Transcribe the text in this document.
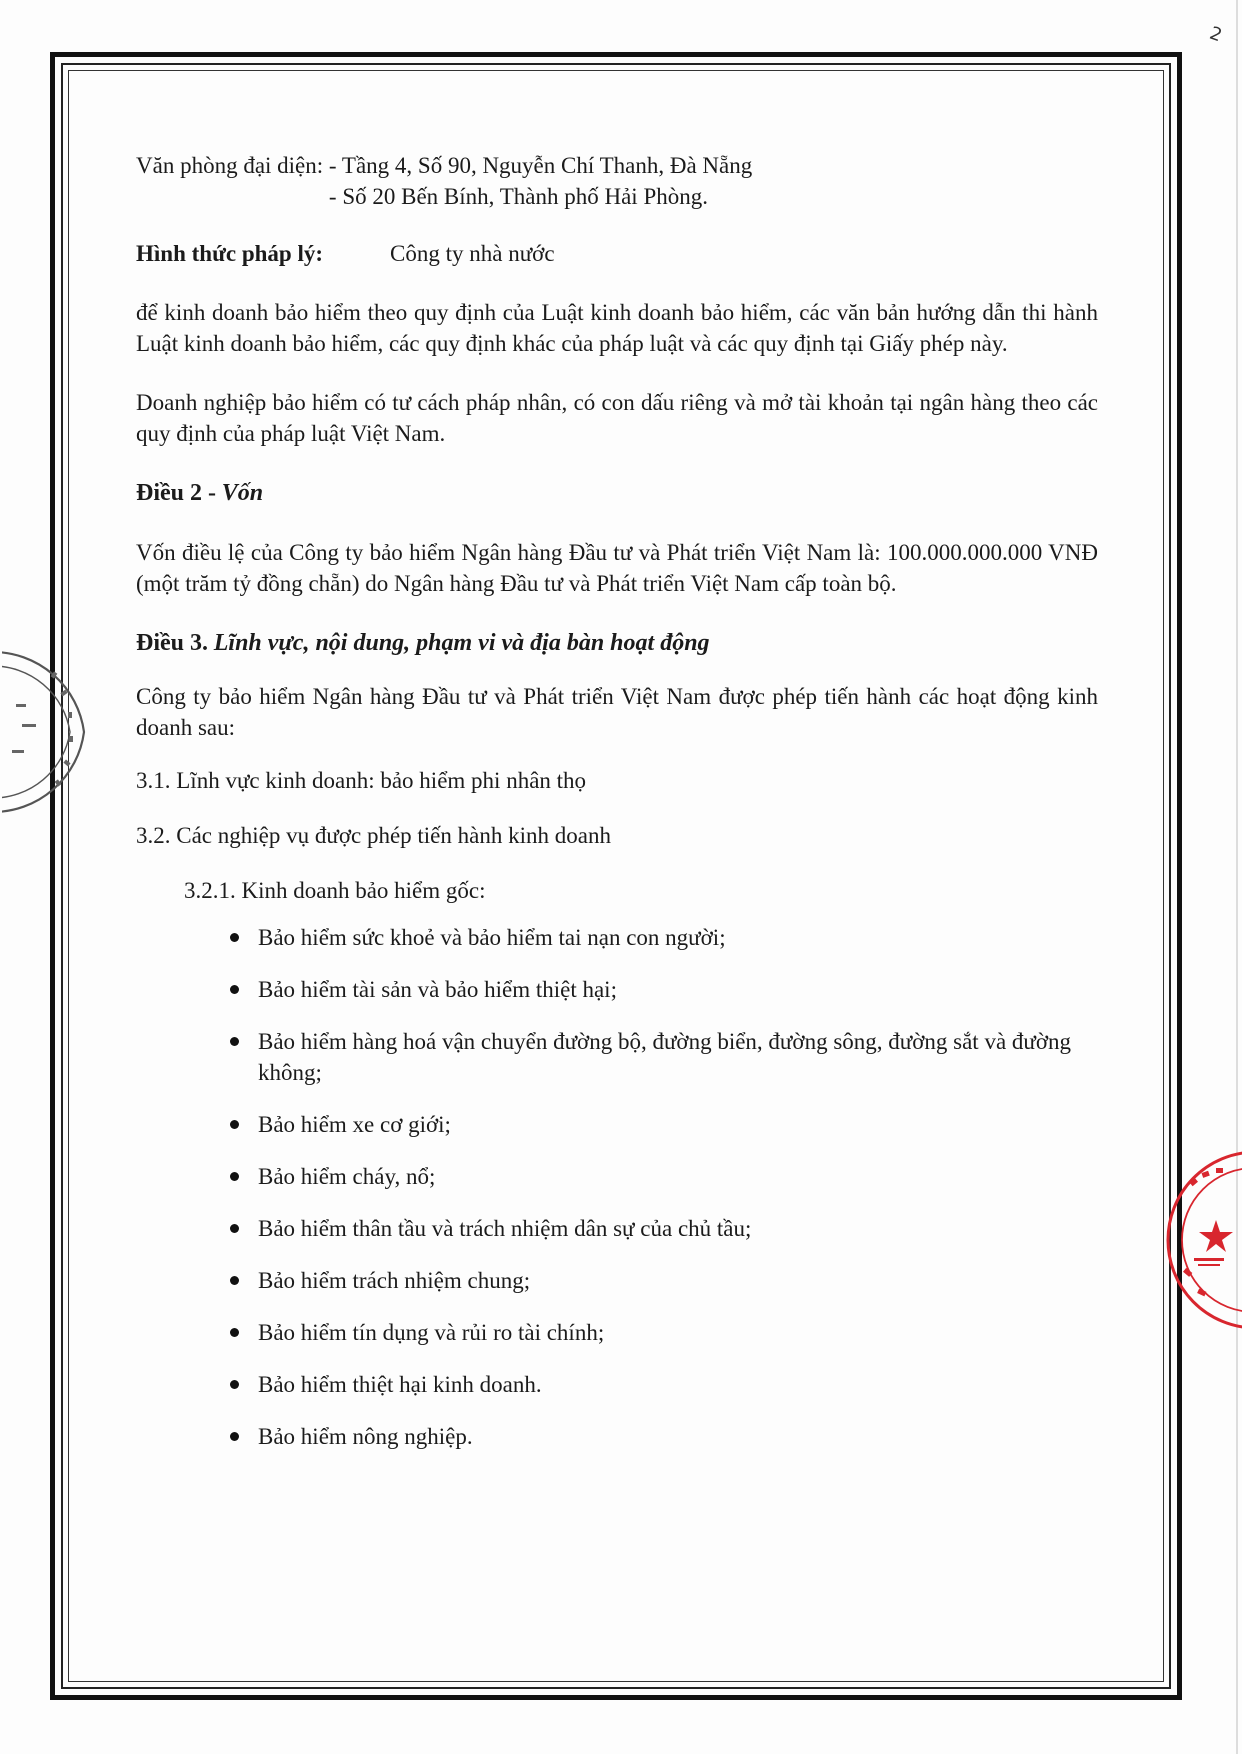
2
Văn phòng đại diện:
- Tầng 4, Số 90, Nguyễn Chí Thanh, Đà Nẵng
- Số 20 Bến Bính, Thành phố Hải Phòng.

Hình thức pháp lý:	Công ty nhà nước

để kinh doanh bảo hiểm theo quy định của Luật kinh doanh bảo hiểm, các văn bản hướng dẫn thi hành Luật kinh doanh bảo hiểm, các quy định khác của pháp luật và các quy định tại Giấy phép này.

Doanh nghiệp bảo hiểm có tư cách pháp nhân, có con dấu riêng và mở tài khoản tại ngân hàng theo các quy định của pháp luật Việt Nam.

Điều 2 - Vốn

Vốn điều lệ của Công ty bảo hiểm Ngân hàng Đầu tư và Phát triển Việt Nam là: 100.000.000.000 VNĐ (một trăm tỷ đồng chẵn) do Ngân hàng Đầu tư và Phát triển Việt Nam cấp toàn bộ.

Điều 3. Lĩnh vực, nội dung, phạm vi và địa bàn hoạt động

Công ty bảo hiểm Ngân hàng Đầu tư và Phát triển Việt Nam được phép tiến hành các hoạt động kinh doanh sau:

3.1. Lĩnh vực kinh doanh: bảo hiểm phi nhân thọ

3.2. Các nghiệp vụ được phép tiến hành kinh doanh

3.2.1. Kinh doanh bảo hiểm gốc:

Bảo hiểm sức khoẻ và bảo hiểm tai nạn con người;
Bảo hiểm tài sản và bảo hiểm thiệt hại;
Bảo hiểm hàng hoá vận chuyển đường bộ, đường biển, đường sông, đường sắt và đường không;
Bảo hiểm xe cơ giới;
Bảo hiểm cháy, nổ;
Bảo hiểm thân tầu và trách nhiệm dân sự của chủ tầu;
Bảo hiểm trách nhiệm chung;
Bảo hiểm tín dụng và rủi ro tài chính;
Bảo hiểm thiệt hại kinh doanh.
Bảo hiểm nông nghiệp.
